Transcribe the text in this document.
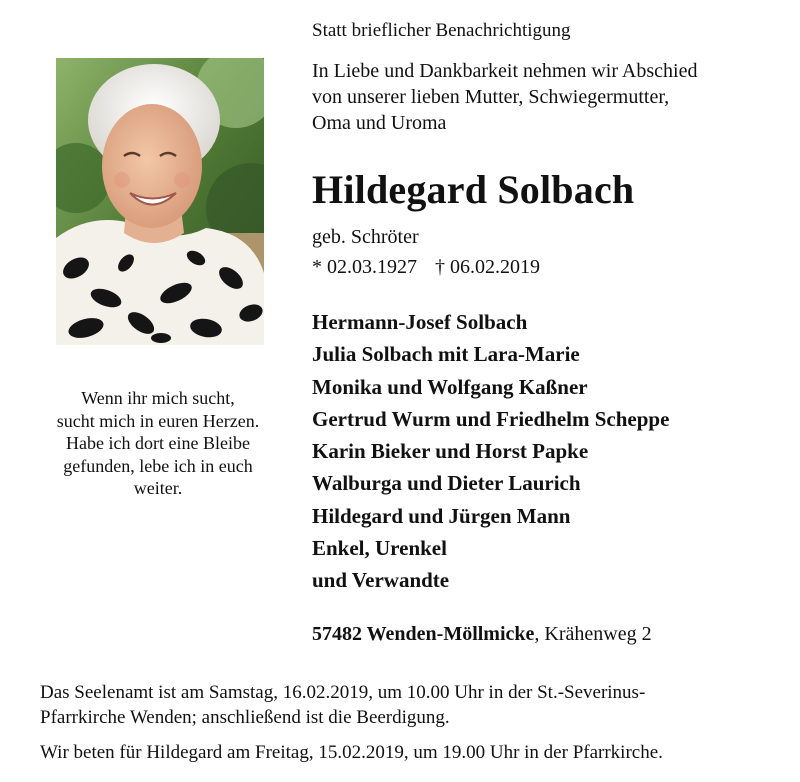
Statt brieflicher Benachrichtigung
In Liebe und Dankbarkeit nehmen wir Abschied
von unserer lieben Mutter, Schwiegermutter,
Oma und Uroma
Hildegard Solbach
geb. Schröter
* 02.03.1927 † 06.02.2019
Hermann-Josef Solbach
Julia Solbach mit Lara-Marie
Monika und Wolfgang Kaßner
Gertrud Wurm und Friedhelm Scheppe
Karin Bieker und Horst Papke
Walburga und Dieter Laurich
Hildegard und Jürgen Mann
Enkel, Urenkel
und Verwandte
57482 Wenden-Möllmicke, Krähenweg 2
Wenn ihr mich sucht,
sucht mich in euren Herzen.
Habe ich dort eine Bleibe
gefunden, lebe ich in euch
weiter.
Das Seelenamt ist am Samstag, 16.02.2019, um 10.00 Uhr in der St.-Severinus-
Pfarrkirche Wenden; anschließend ist die Beerdigung.
Wir beten für Hildegard am Freitag, 15.02.2019, um 19.00 Uhr in der Pfarrkirche.
